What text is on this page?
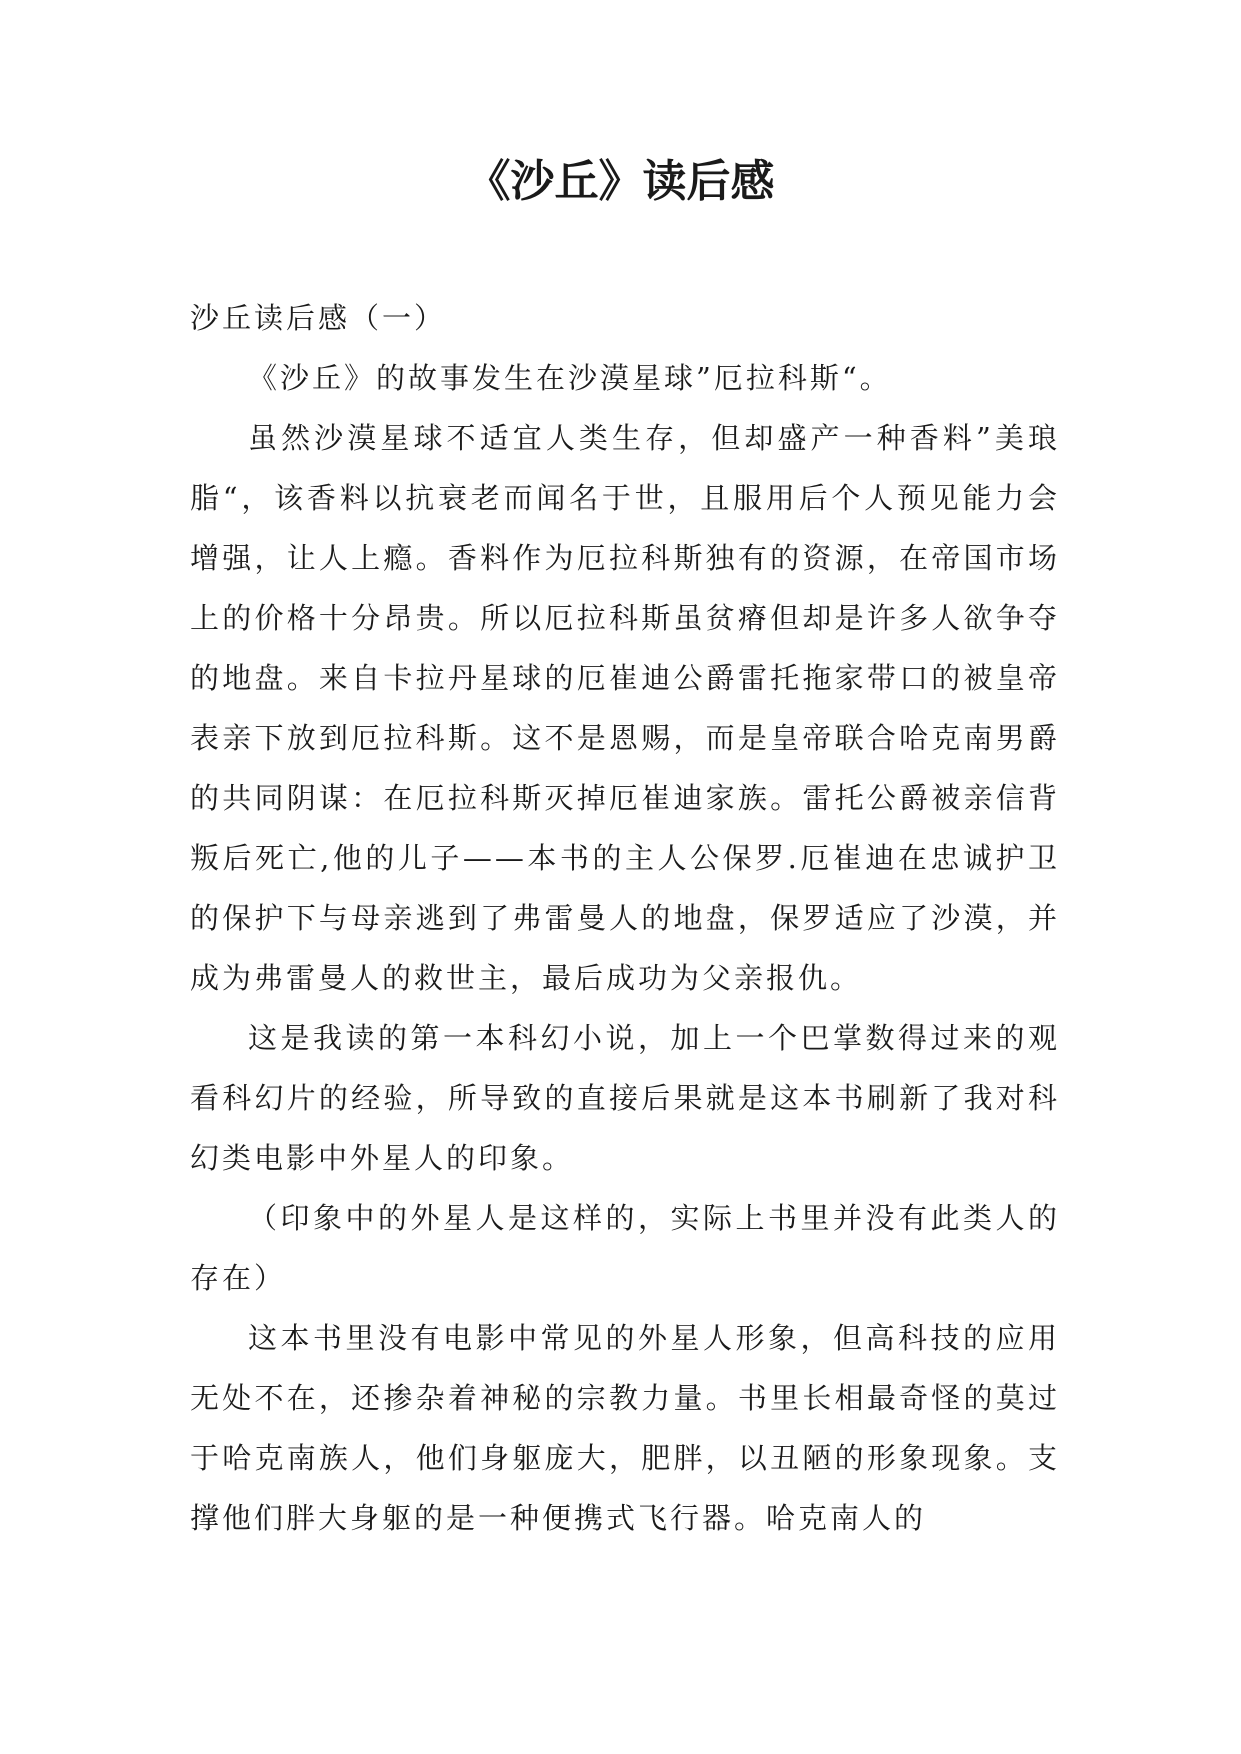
《沙丘》读后感

沙丘读后感（一）

《沙丘》的故事发生在沙漠星球”厄拉科斯“。

虽然沙漠星球不适宜人类生存，但却盛产一种香料”美琅脂“，该香料以抗衰老而闻名于世，且服用后个人预见能力会增强，让人上瘾。香料作为厄拉科斯独有的资源，在帝国市场上的价格十分昂贵。所以厄拉科斯虽贫瘠但却是许多人欲争夺的地盘。来自卡拉丹星球的厄崔迪公爵雷托拖家带口的被皇帝表亲下放到厄拉科斯。这不是恩赐，而是皇帝联合哈克南男爵的共同阴谋：在厄拉科斯灭掉厄崔迪家族。雷托公爵被亲信背叛后死亡,他的儿子——本书的主人公保罗.厄崔迪在忠诚护卫的保护下与母亲逃到了弗雷曼人的地盘，保罗适应了沙漠，并成为弗雷曼人的救世主，最后成功为父亲报仇。

这是我读的第一本科幻小说，加上一个巴掌数得过来的观看科幻片的经验，所导致的直接后果就是这本书刷新了我对科幻类电影中外星人的印象。

（印象中的外星人是这样的，实际上书里并没有此类人的存在）

这本书里没有电影中常见的外星人形象，但高科技的应用无处不在，还掺杂着神秘的宗教力量。书里长相最奇怪的莫过于哈克南族人，他们身躯庞大，肥胖，以丑陋的形象现象。支撑他们胖大身躯的是一种便携式飞行器。哈克南人的
